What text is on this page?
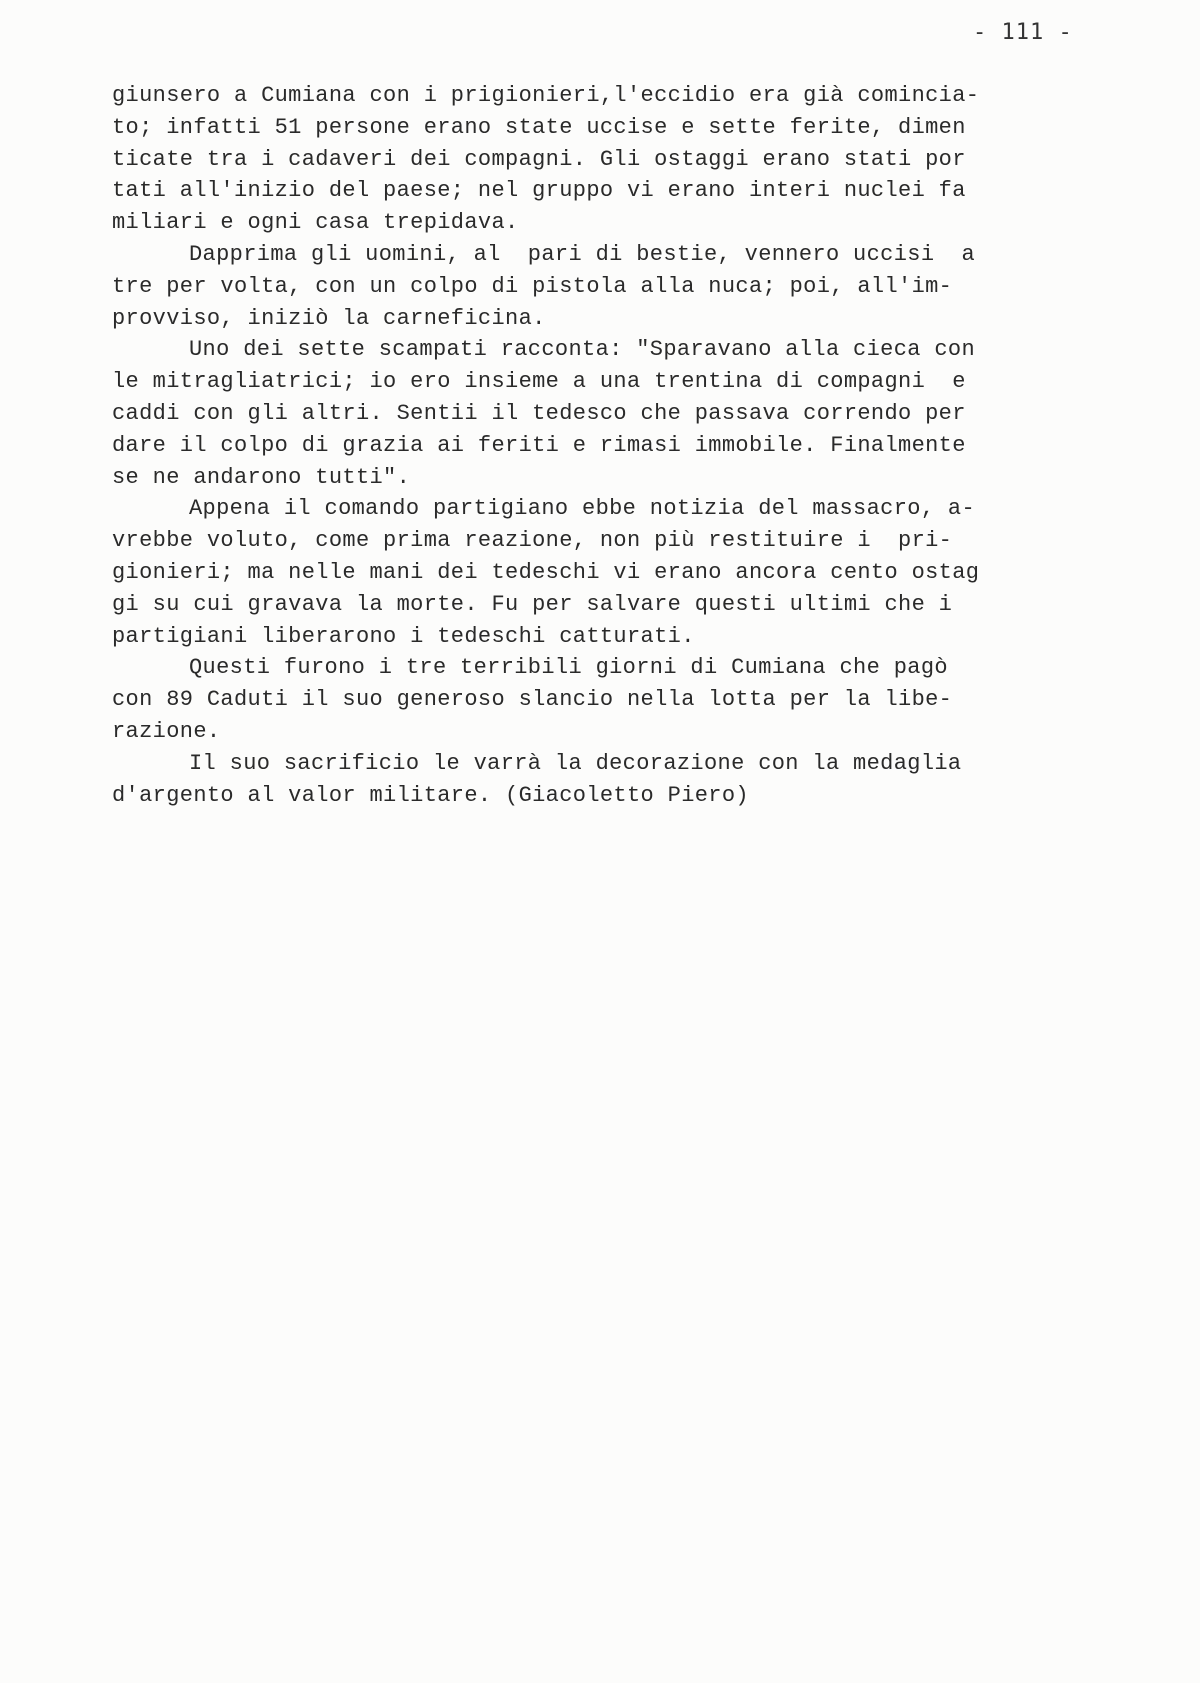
- 111 -
giunsero a Cumiana con i prigionieri,l'eccidio era già comincia-
to; infatti 51 persone erano state uccise e sette ferite, dimen
ticate tra i cadaveri dei compagni. Gli ostaggi erano stati por
tati all'inizio del paese; nel gruppo vi erano interi nuclei fa
miliari e ogni casa trepidava.
Dapprima gli uomini, al  pari di bestie, vennero uccisi  a
tre per volta, con un colpo di pistola alla nuca; poi, all'im-
provviso, iniziò la carneficina.
Uno dei sette scampati racconta: "Sparavano alla cieca con
le mitragliatrici; io ero insieme a una trentina di compagni  e
caddi con gli altri. Sentii il tedesco che passava correndo per
dare il colpo di grazia ai feriti e rimasi immobile. Finalmente
se ne andarono tutti".
Appena il comando partigiano ebbe notizia del massacro, a-
vrebbe voluto, come prima reazione, non più restituire i  pri-
gionieri; ma nelle mani dei tedeschi vi erano ancora cento ostag
gi su cui gravava la morte. Fu per salvare questi ultimi che i
partigiani liberarono i tedeschi catturati.
Questi furono i tre terribili giorni di Cumiana che pagò
con 89 Caduti il suo generoso slancio nella lotta per la libe-
razione.
Il suo sacrificio le varrà la decorazione con la medaglia
d'argento al valor militare. (Giacoletto Piero)
